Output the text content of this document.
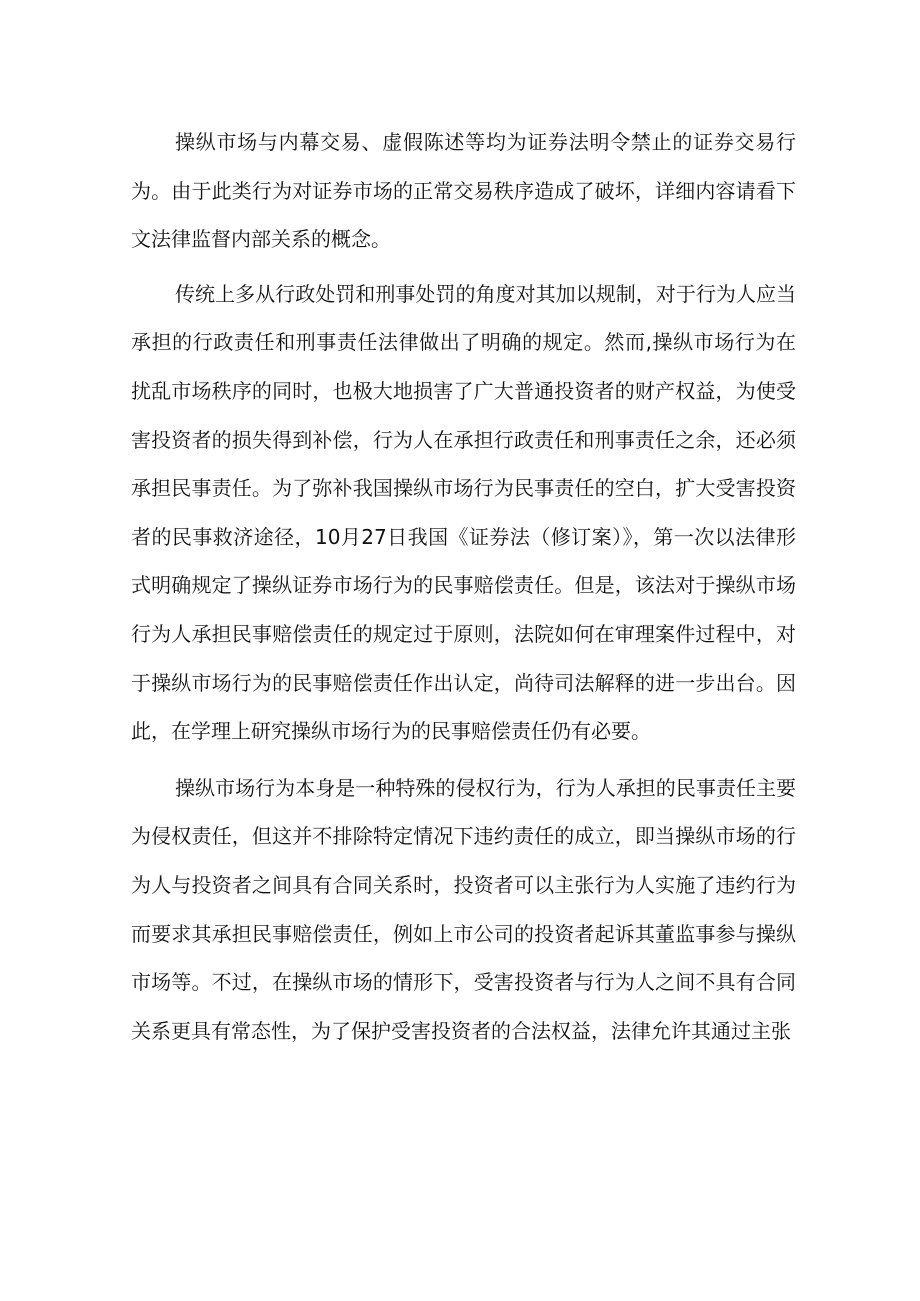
操纵市场与内幕交易、虚假陈述等均为证券法明令禁止的证券交易行为。由于此类行为对证券市场的正常交易秩序造成了破坏，详细内容请看下文法律监督内部关系的概念。

传统上多从行政处罚和刑事处罚的角度对其加以规制，对于行为人应当承担的行政责任和刑事责任法律做出了明确的规定。然而,操纵市场行为在扰乱市场秩序的同时，也极大地损害了广大普通投资者的财产权益，为使受害投资者的损失得到补偿，行为人在承担行政责任和刑事责任之余，还必须承担民事责任。为了弥补我国操纵市场行为民事责任的空白，扩大受害投资者的民事救济途径，10月27日我国《证券法（修订案）》，第一次以法律形式明确规定了操纵证券市场行为的民事赔偿责任。但是，该法对于操纵市场行为人承担民事赔偿责任的规定过于原则，法院如何在审理案件过程中，对于操纵市场行为的民事赔偿责任作出认定，尚待司法解释的进一步出台。因此，在学理上研究操纵市场行为的民事赔偿责任仍有必要。

操纵市场行为本身是一种特殊的侵权行为，行为人承担的民事责任主要为侵权责任，但这并不排除特定情况下违约责任的成立，即当操纵市场的行为人与投资者之间具有合同关系时，投资者可以主张行为人实施了违约行为而要求其承担民事赔偿责任，例如上市公司的投资者起诉其董监事参与操纵市场等。不过，在操纵市场的情形下，受害投资者与行为人之间不具有合同关系更具有常态性，为了保护受害投资者的合法权益，法律允许其通过主张
